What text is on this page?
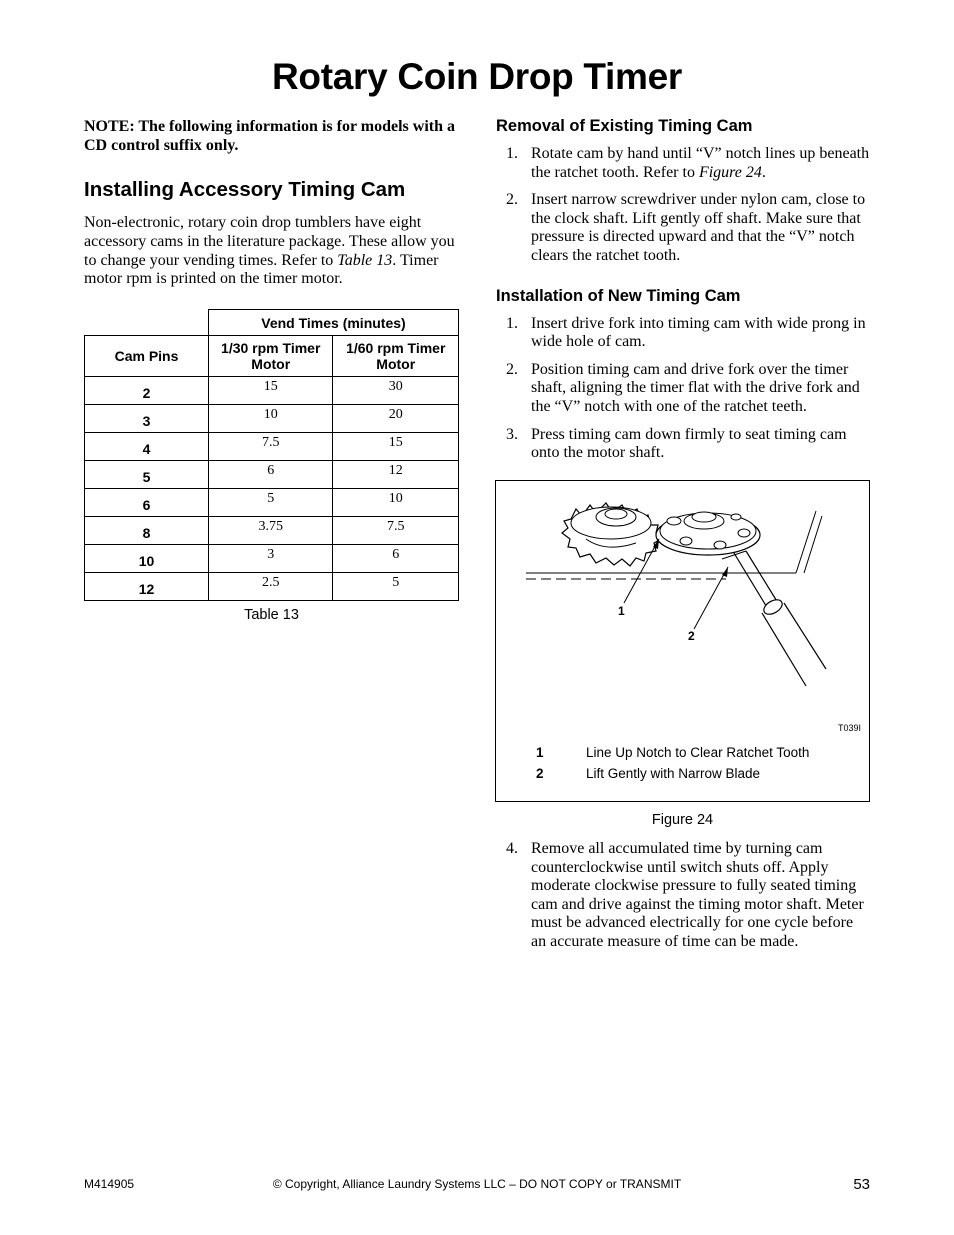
Rotary Coin Drop Timer

NOTE: The following information is for models with a CD control suffix only.

Installing Accessory Timing Cam

Non-electronic, rotary coin drop tumblers have eight accessory cams in the literature package. These allow you to change your vending times. Refer to Table 13. Timer motor rpm is printed on the timer motor.

	Vend Times (minutes)	
Cam Pins	1/30 rpm Timer Motor	1/60 rpm Timer Motor
2	15	30
3	10	20
4	7.5	15
5	6	12
6	5	10
8	3.75	7.5
10	3	6
12	2.5	5
Table 13
Removal of Existing Timing Cam
1. Rotate cam by hand until “V” notch lines up beneath the ratchet tooth. Refer to Figure 24.
2. Insert narrow screwdriver under nylon cam, close to the clock shaft. Lift gently off shaft. Make sure that pressure is directed upward and that the “V” notch clears the ratchet tooth.
Installation of New Timing Cam
1. Insert drive fork into timing cam with wide prong in wide hole of cam.
2. Position timing cam and drive fork over the timer shaft, aligning the timer flat with the drive fork and the “V” notch with one of the ratchet teeth.
3. Press timing cam down firmly to seat timing cam onto the motor shaft.
1
2
T039I
1	Line Up Notch to Clear Ratchet Tooth
2	Lift Gently with Narrow Blade
Figure 24
4. Remove all accumulated time by turning cam counterclockwise until switch shuts off. Apply moderate clockwise pressure to fully seated timing cam and drive against the timing motor shaft. Meter must be advanced electrically for one cycle before an accurate measure of time can be made.
M414905	© Copyright, Alliance Laundry Systems LLC – DO NOT COPY or TRANSMIT	53
